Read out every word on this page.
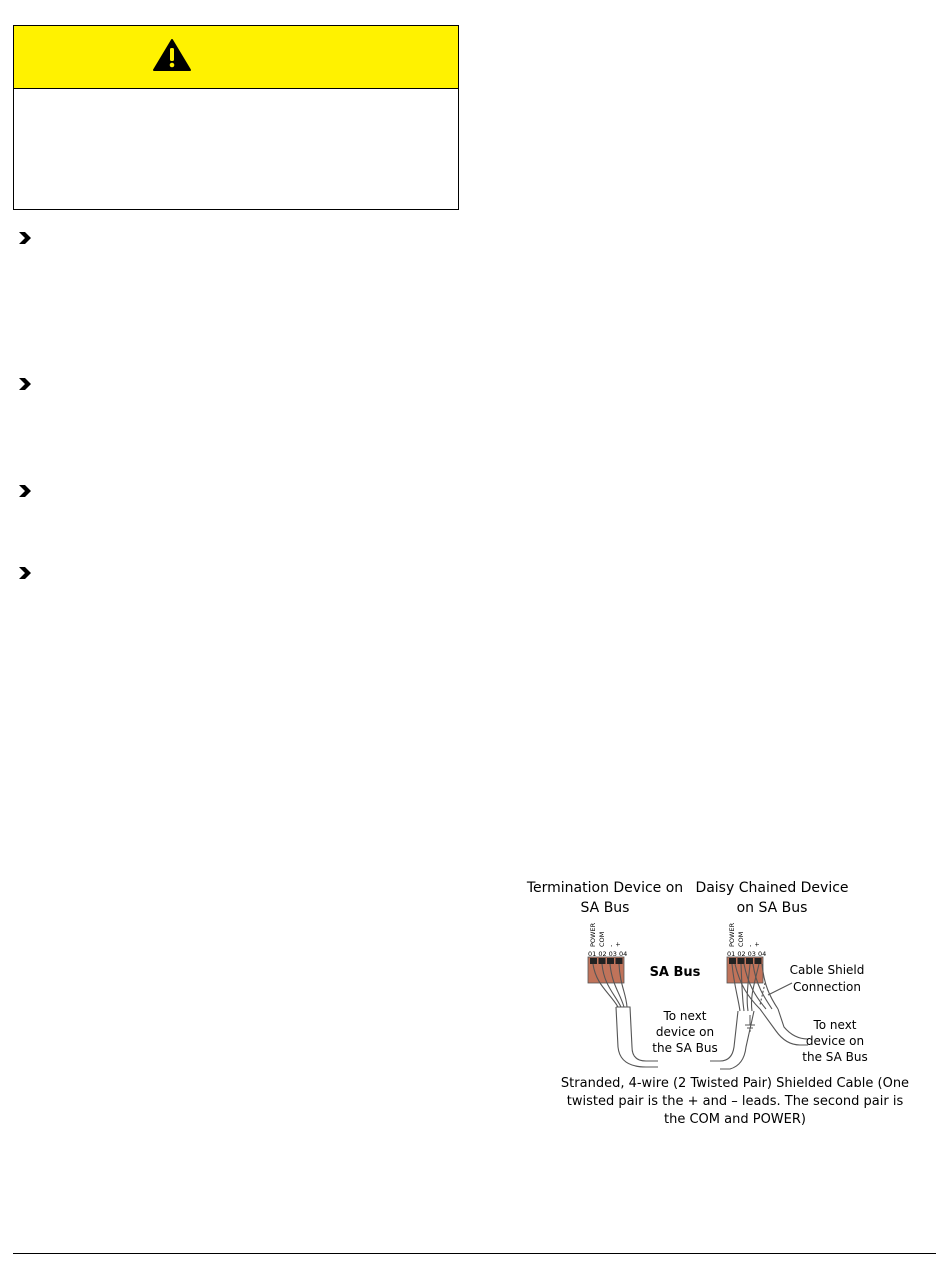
POWER COM - +
01 02 03 04
POWER COM - +
01 02 03 04
Termination Device on SA Bus
Daisy Chained Device on SA Bus
SA Bus	Cable Shield Connection
To next device on the SA Bus
To next device on the SA Bus
Stranded, 4-wire (2 Twisted Pair) Shielded Cable (One twisted pair is the + and – leads. The second pair is the COM and POWER)
